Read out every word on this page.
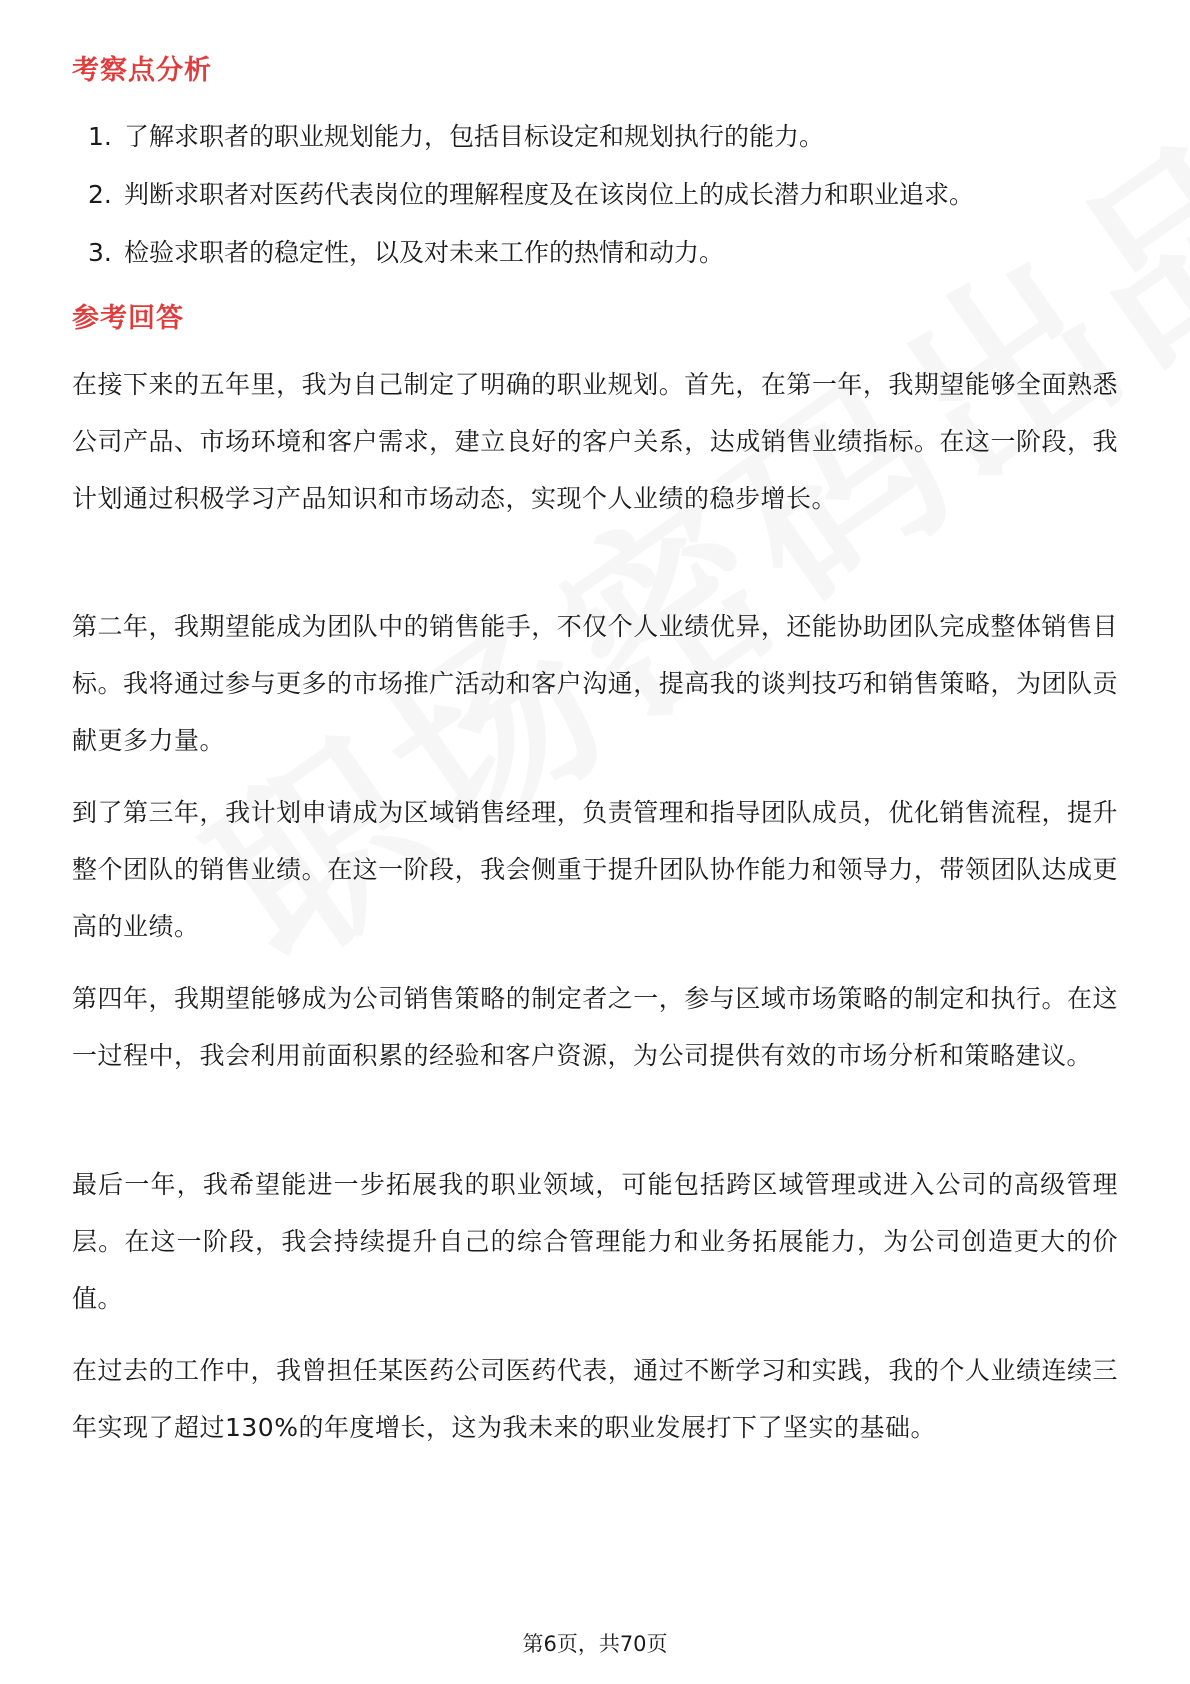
考察点分析
1. 了解求职者的职业规划能力，包括目标设定和规划执行的能力。
2. 判断求职者对医药代表岗位的理解程度及在该岗位上的成长潜力和职业追求。
3. 检验求职者的稳定性，以及对未来工作的热情和动力。
参考回答

在接下来的五年里，我为自己制定了明确的职业规划。首先，在第一年，我期望能够全面熟悉公司产品、市场环境和客户需求，建立良好的客户关系，达成销售业绩指标。在这一阶段，我计划通过积极学习产品知识和市场动态，实现个人业绩的稳步增长。

第二年，我期望能成为团队中的销售能手，不仅个人业绩优异，还能协助团队完成整体销售目标。我将通过参与更多的市场推广活动和客户沟通，提高我的谈判技巧和销售策略，为团队贡献更多力量。

到了第三年，我计划申请成为区域销售经理，负责管理和指导团队成员，优化销售流程，提升整个团队的销售业绩。在这一阶段，我会侧重于提升团队协作能力和领导力，带领团队达成更高的业绩。

第四年，我期望能够成为公司销售策略的制定者之一，参与区域市场策略的制定和执行。在这一过程中，我会利用前面积累的经验和客户资源，为公司提供有效的市场分析和策略建议。

最后一年，我希望能进一步拓展我的职业领域，可能包括跨区域管理或进入公司的高级管理层。在这一阶段，我会持续提升自己的综合管理能力和业务拓展能力，为公司创造更大的价值。

在过去的工作中，我曾担任某医药公司医药代表，通过不断学习和实践，我的个人业绩连续三年实现了超过130%的年度增长，这为我未来的职业发展打下了坚实的基础。

第6页，共70页
